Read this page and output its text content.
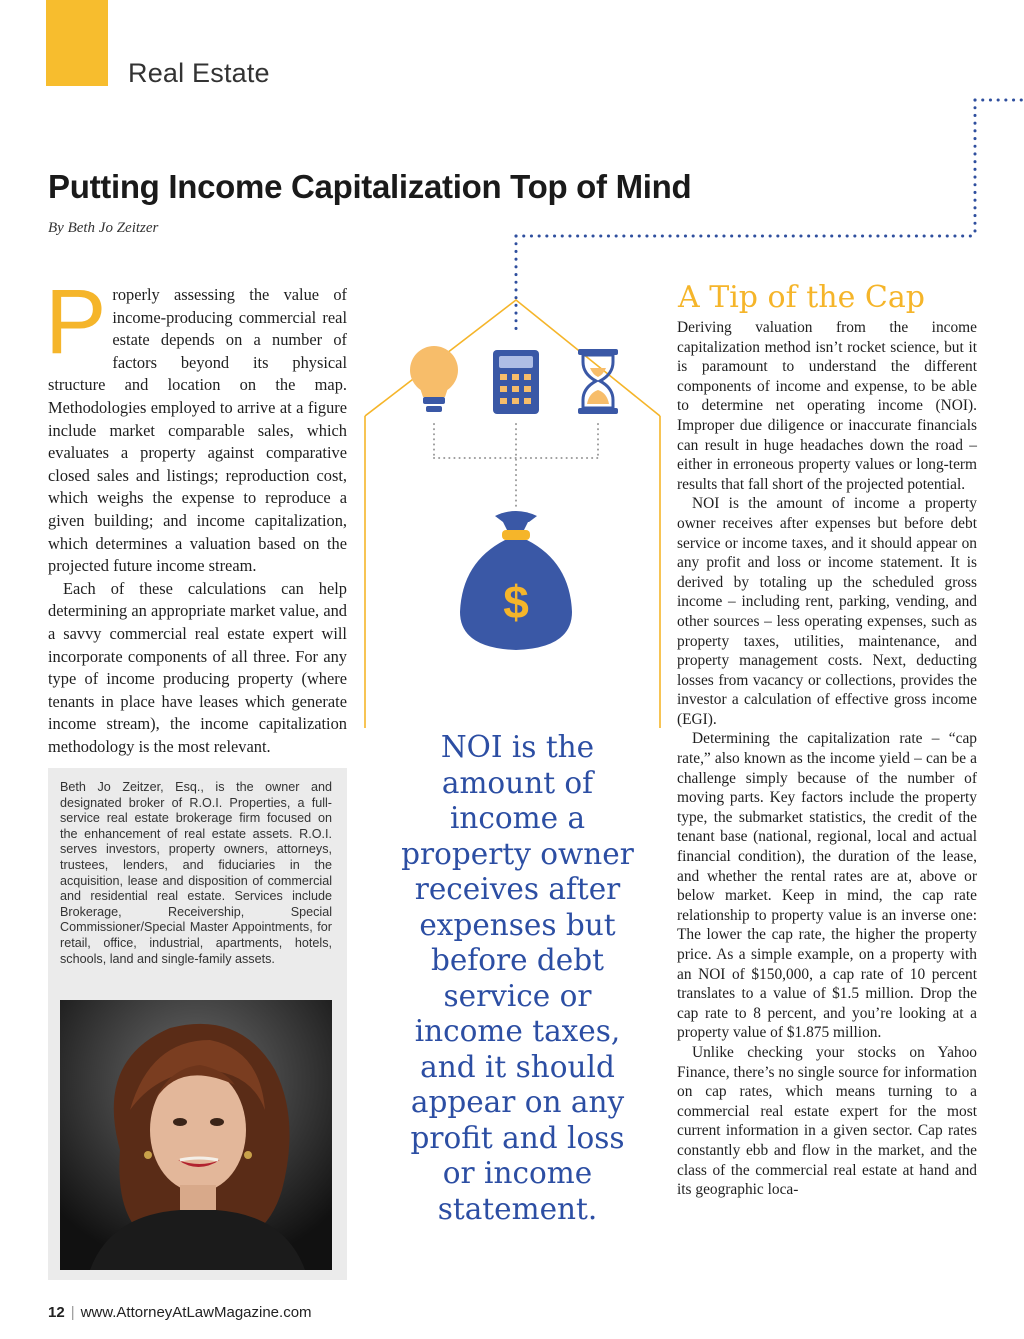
Real Estate
Putting Income Capitalization Top of Mind
By Beth Jo Zeitzer
$

Properly assessing the value of income-producing commercial real estate depends on a number of factors beyond its physical structure and location on the map. Methodologies employed to arrive at a figure include market comparable sales, which evaluates a property against comparative closed sales and listings; reproduction cost, which weighs the expense to reproduce a given building; and income capitalization, which determines a valuation based on the projected future income stream.

Each of these calculations can help determining an appropriate market value, and a savvy commercial real estate expert will incorporate components of all three. For any type of income producing property (where tenants in place have leases which generate income stream), the income capitalization methodology is the most relevant.

Beth Jo Zeitzer, Esq., is the owner and designated broker of R.O.I. Properties, a full-service real estate brokerage firm focused on the enhancement of real estate assets. R.O.I. serves investors, property owners, attorneys, trustees, lenders, and fiduciaries in the acquisition, lease and disposition of commercial and residential real estate. Services include Brokerage, Receivership, Special Commissioner/Special Master Appointments, for retail, office, industrial, apartments, hotels, schools, land and single-family assets.
A Tip of the Cap

Deriving valuation from the income capitalization method isn’t rocket science, but it is paramount to understand the different components of income and expense, to be able to determine net operating income (NOI). Improper due diligence or inaccurate financials can result in huge headaches down the road – either in erroneous property values or long-term results that fall short of the projected potential.

NOI is the amount of income a property owner receives after expenses but before debt service or income taxes, and it should appear on any profit and loss or income statement. It is derived by totaling up the scheduled gross income – including rent, parking, vending, and other sources – less operating expenses, such as property taxes, utilities, maintenance, and property management costs. Next, deducting losses from vacancy or collections, provides the investor a calculation of effective gross income (EGI).

Determining the capitalization rate – “cap rate,” also known as the income yield – can be a challenge simply because of the number of moving parts. Key factors include the property type, the submarket statistics, the credit of the tenant base (national, regional, local and actual financial condition), the duration of the lease, and whether the rental rates are at, above or below market. Keep in mind, the cap rate relationship to property value is an inverse one: The lower the cap rate, the higher the property price. As a simple example, on a property with an NOI of $150,000, a cap rate of 10 percent translates to a value of $1.5 million. Drop the cap rate to 8 percent, and you’re looking at a property value of $1.875 million.

Unlike checking your stocks on Yahoo Finance, there’s no single source for information on cap rates, which means turning to a commercial real estate expert for the most current information in a given sector. Cap rates constantly ebb and flow in the market, and the class of the commercial real estate at hand and its geographic loca-

NOI is the amount of income a property owner receives after expenses but before debt service or income taxes, and it should appear on any profit and loss or income statement.
12 | www.AttorneyAtLawMagazine.com
